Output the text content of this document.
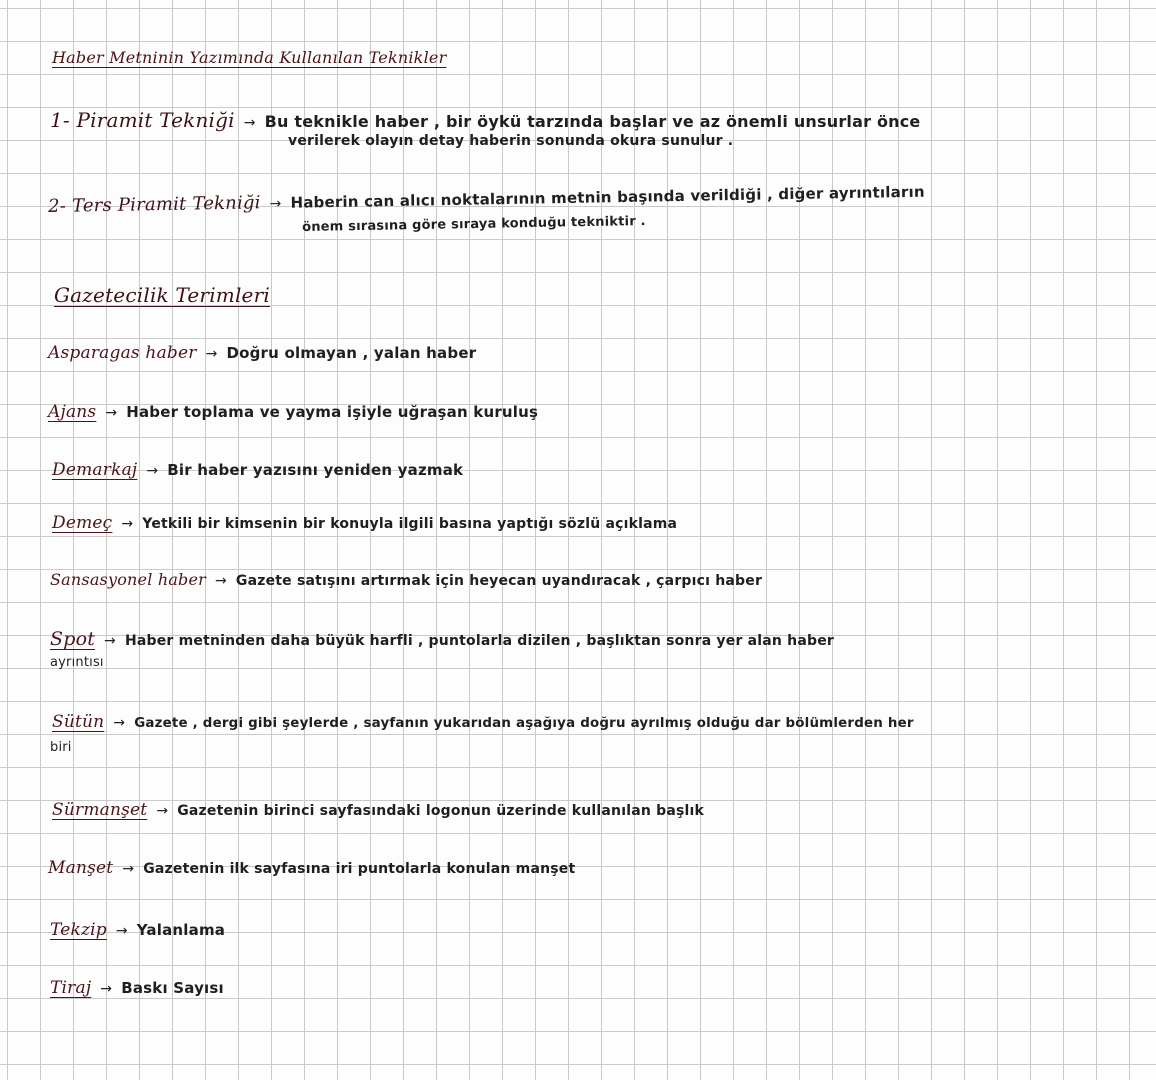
Haber Metninin Yazımında Kullanılan Teknikler
1- Piramit Tekniği → Bu teknikle haber , bir öykü tarzında başlar ve az önemli unsurlar önce
verilerek olayın detay haberin sonunda okura sunulur .
2- Ters Piramit Tekniği → Haberin can alıcı noktalarının metnin başında verildiği , diğer ayrıntıların
önem sırasına göre sıraya konduğu tekniktir .
Gazetecilik Terimleri
Asparagas haber → Doğru olmayan , yalan haber
Ajans → Haber toplama ve yayma işiyle uğraşan kuruluş
Demarkaj → Bir haber yazısını yeniden yazmak
Demeç → Yetkili bir kimsenin bir konuyla ilgili basına yaptığı sözlü açıklama
Sansasyonel haber → Gazete satışını artırmak için heyecan uyandıracak , çarpıcı haber
Spot → Haber metninden daha büyük harfli , puntolarla dizilen , başlıktan sonra yer alan haber
ayrıntısı
Sütün → Gazete , dergi gibi şeylerde , sayfanın yukarıdan aşağıya doğru ayrılmış olduğu dar bölümlerden her
biri
Sürmanşet → Gazetenin birinci sayfasındaki logonun üzerinde kullanılan başlık
Manşet → Gazetenin ilk sayfasına iri puntolarla konulan manşet
Tekzip → Yalanlama
Tiraj → Baskı Sayısı
